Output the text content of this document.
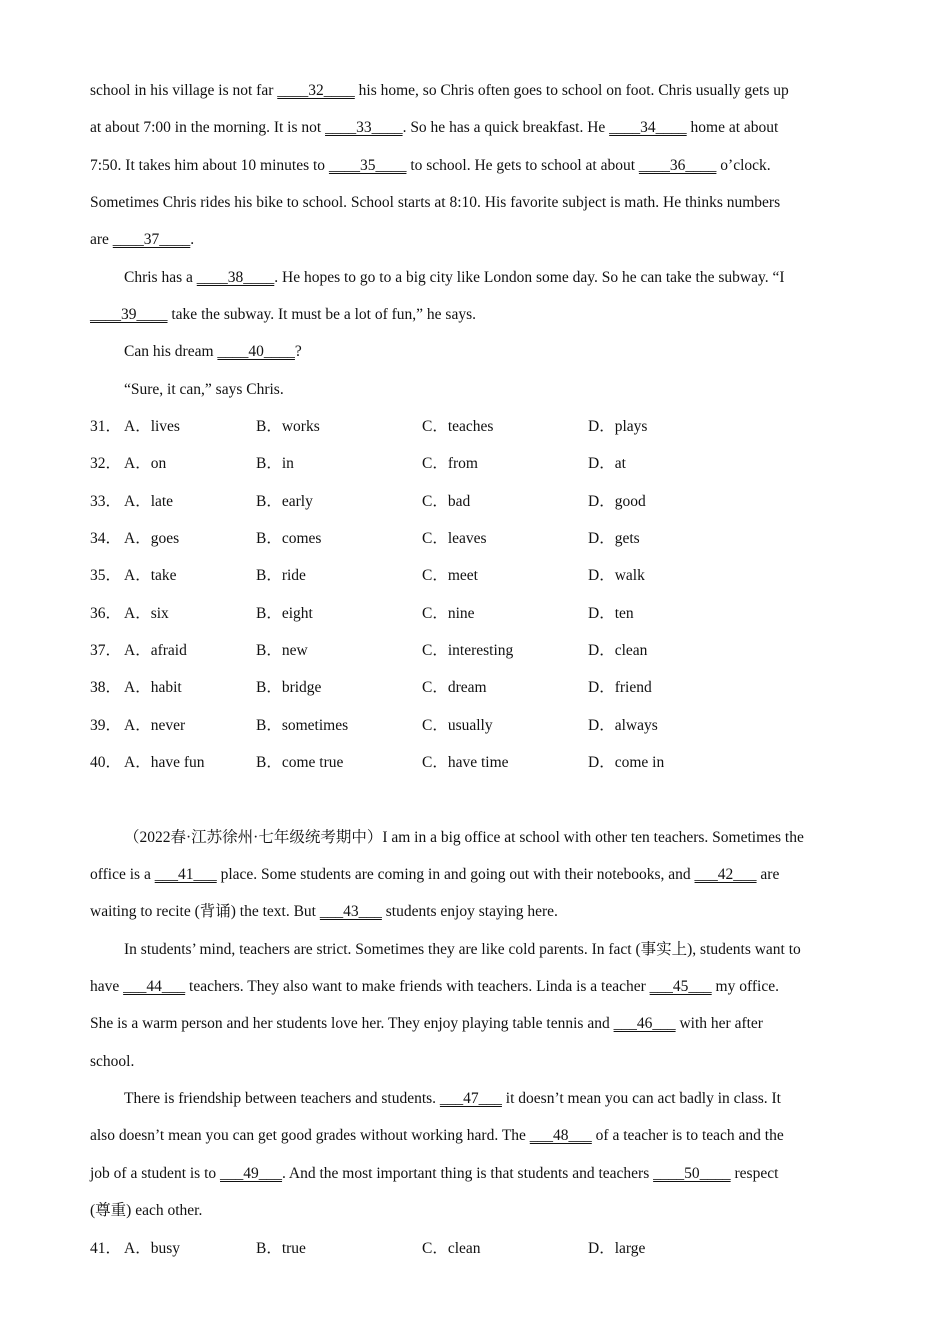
school in his village is not far ____32____ his home, so Chris often goes to school on foot. Chris usually gets up
at about 7:00 in the morning. It is not ____33____. So he has a quick breakfast. He ____34____ home at about
7:50. It takes him about 10 minutes to ____35____ to school. He gets to school at about ____36____ o’clock.
Sometimes Chris rides his bike to school. School starts at 8:10. His favorite subject is math. He thinks numbers
are ____37____.
Chris has a ____38____. He hopes to go to a big city like London some day. So he can take the subway. “I
____39____ take the subway. It must be a lot of fun,” he says.
Can his dream ____40____?
“Sure, it can,” says Chris.
31． A．lives	B．works	C．teaches	D．plays
32． A．on	B．in	C．from	D．at
33． A．late	B．early	C．bad	D．good
34． A．goes	B．comes	C．leaves	D．gets
35． A．take	B．ride	C．meet	D．walk
36． A．six	B．eight	C．nine	D．ten
37． A．afraid	B．new	C．interesting	D．clean
38． A．habit	B．bridge	C．dream	D．friend
39． A．never	B．sometimes	C．usually	D．always
40． A．have fun	B．come true	C．have time	D．come in
（2022春·江苏徐州·七年级统考期中）I am in a big office at school with other ten teachers. Sometimes the
office is a ___41___ place. Some students are coming in and going out with their notebooks, and ___42___ are
waiting to recite (背诵) the text. But ___43___ students enjoy staying here.
In students’ mind, teachers are strict. Sometimes they are like cold parents. In fact (事实上), students want to
have ___44___ teachers. They also want to make friends with teachers. Linda is a teacher ___45___ my office.
She is a warm person and her students love her. They enjoy playing table tennis and ___46___ with her after
school.
There is friendship between teachers and students. ___47___ it doesn’t mean you can act badly in class. It
also doesn’t mean you can get good grades without working hard. The ___48___ of a teacher is to teach and the
job of a student is to ___49___. And the most important thing is that students and teachers ____50____ respect
(尊重) each other.
41． A．busy	B．true	C．clean	D．large
